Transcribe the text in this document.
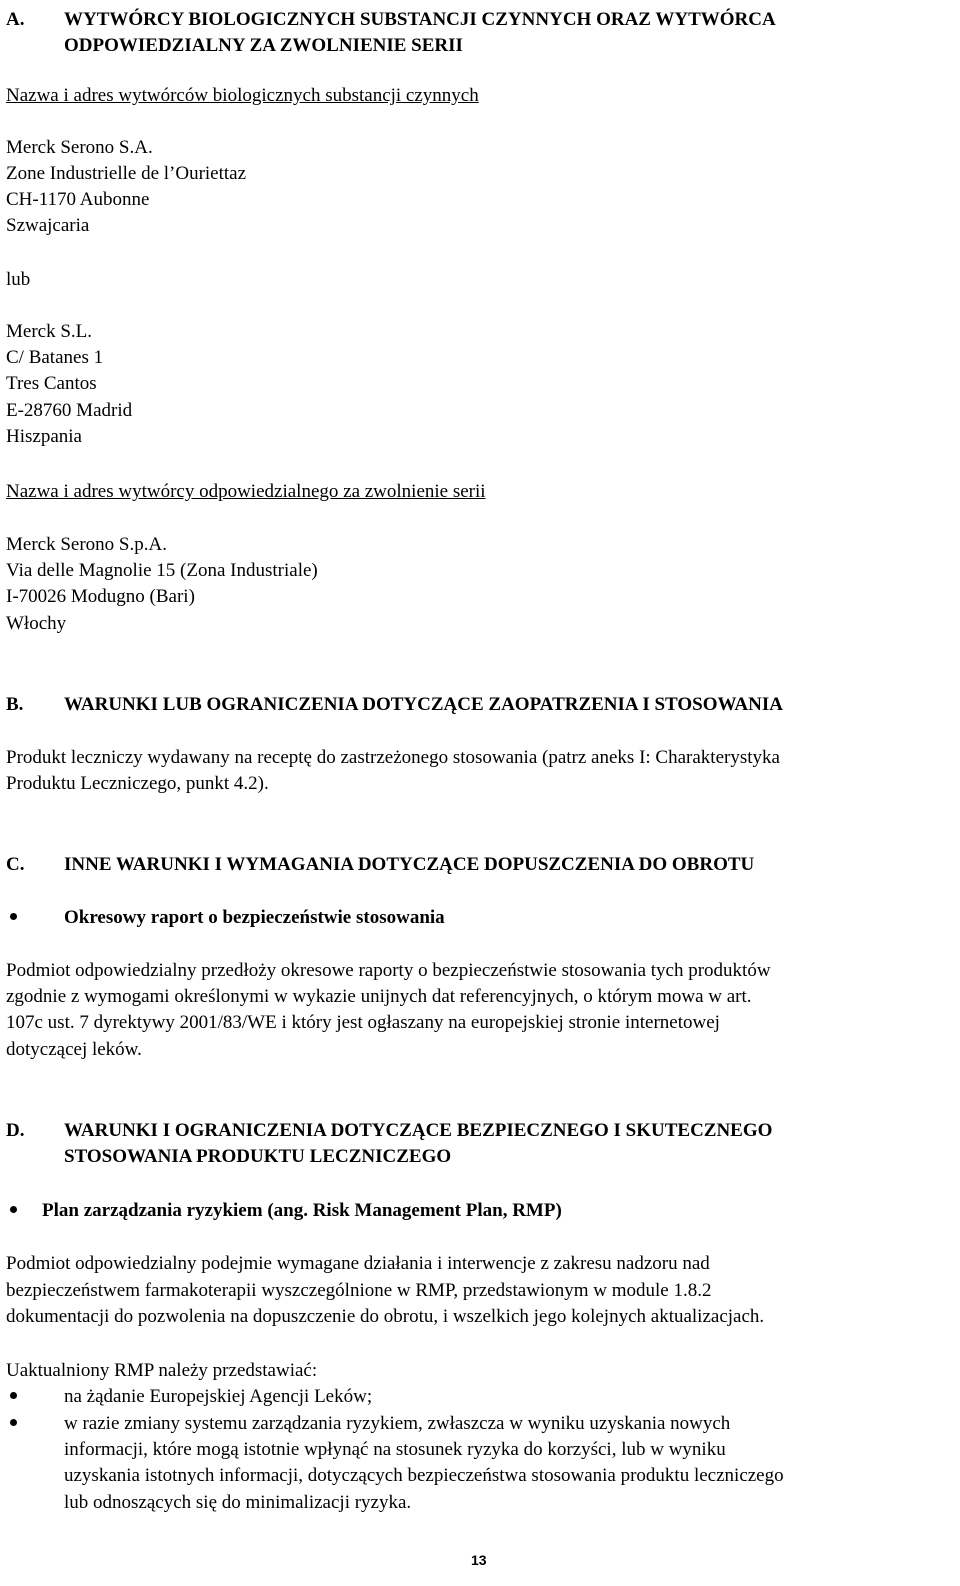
A. WYTWÓRCY BIOLOGICZNYCH SUBSTANCJI CZYNNYCH ORAZ WYTWÓRCA
ODPOWIEDZIALNY ZA ZWOLNIENIE SERII
Nazwa i adres wytwórców biologicznych substancji czynnych
Merck Serono S.A.
Zone Industrielle de l’Ouriettaz
CH-1170 Aubonne
Szwajcaria
lub
Merck S.L.
C/ Batanes 1
Tres Cantos
E-28760 Madrid
Hiszpania
Nazwa i adres wytwórcy odpowiedzialnego za zwolnienie serii
Merck Serono S.p.A.
Via delle Magnolie 15 (Zona Industriale)
I-70026 Modugno (Bari)
Włochy
B. WARUNKI LUB OGRANICZENIA DOTYCZĄCE ZAOPATRZENIA I STOSOWANIA
Produkt leczniczy wydawany na receptę do zastrzeżonego stosowania (patrz aneks I: Charakterystyka
Produktu Leczniczego, punkt 4.2).
C. INNE WARUNKI I WYMAGANIA DOTYCZĄCE DOPUSZCZENIA DO OBROTU
Okresowy raport o bezpieczeństwie stosowania
Podmiot odpowiedzialny przedłoży okresowe raporty o bezpieczeństwie stosowania tych produktów
zgodnie z wymogami określonymi w wykazie unijnych dat referencyjnych, o którym mowa w art.
107c ust. 7 dyrektywy 2001/83/WE i który jest ogłaszany na europejskiej stronie internetowej
dotyczącej leków.
D. WARUNKI I OGRANICZENIA DOTYCZĄCE BEZPIECZNEGO I SKUTECZNEGO
STOSOWANIA PRODUKTU LECZNICZEGO
Plan zarządzania ryzykiem (ang. Risk Management Plan, RMP)
Podmiot odpowiedzialny podejmie wymagane działania i interwencje z zakresu nadzoru nad
bezpieczeństwem farmakoterapii wyszczególnione w RMP, przedstawionym w module 1.8.2
dokumentacji do pozwolenia na dopuszczenie do obrotu, i wszelkich jego kolejnych aktualizacjach.
Uaktualniony RMP należy przedstawiać:
na żądanie Europejskiej Agencji Leków;
w razie zmiany systemu zarządzania ryzykiem, zwłaszcza w wyniku uzyskania nowych
informacji, które mogą istotnie wpłynąć na stosunek ryzyka do korzyści, lub w wyniku
uzyskania istotnych informacji, dotyczących bezpieczeństwa stosowania produktu leczniczego
lub odnoszących się do minimalizacji ryzyka.
13
